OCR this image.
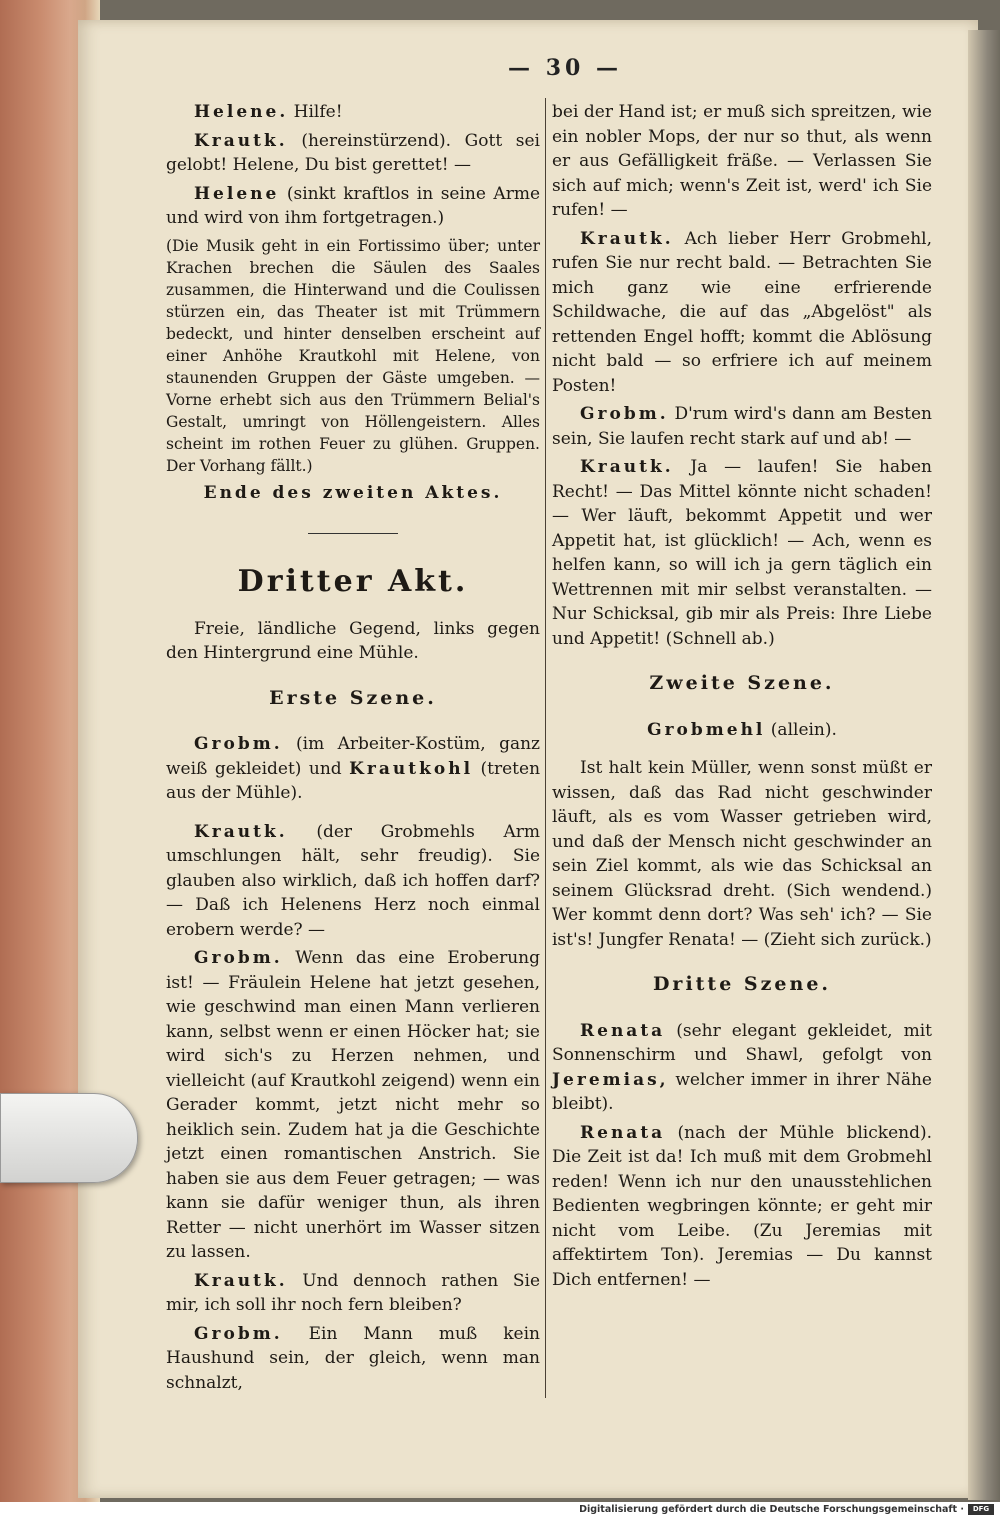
— 30 —

Helene. Hilfe!

Krautk. (hereinstürzend). Gott sei gelobt! Helene, Du bist gerettet! —

Helene (sinkt kraftlos in seine Arme und wird von ihm fortgetragen.)

(Die Musik geht in ein Fortissimo über; unter Krachen brechen die Säulen des Saales zusammen, die Hinterwand und die Coulissen stürzen ein, das Theater ist mit Trümmern bedeckt, und hinter denselben erscheint auf einer Anhöhe Krautkohl mit Helene, von staunenden Gruppen der Gäste umgeben. — Vorne erhebt sich aus den Trümmern Belial's Gestalt, umringt von Höllengeistern. Alles scheint im rothen Feuer zu glühen. Gruppen. Der Vorhang fällt.)

Ende des zweiten Aktes.

Dritter Akt.

Freie, ländliche Gegend, links gegen den Hintergrund eine Mühle.

Erste Szene.

Grobm. (im Arbeiter-Kostüm, ganz weiß gekleidet) und Krautkohl (treten aus der Mühle).

Krautk. (der Grobmehls Arm umschlungen hält, sehr freudig). Sie glauben also wirklich, daß ich hoffen darf? — Daß ich Helenens Herz noch einmal erobern werde? —

Grobm. Wenn das eine Eroberung ist! — Fräulein Helene hat jetzt gesehen, wie geschwind man einen Mann verlieren kann, selbst wenn er einen Höcker hat; sie wird sich's zu Herzen nehmen, und vielleicht (auf Krautkohl zeigend) wenn ein Gerader kommt, jetzt nicht mehr so heiklich sein. Zudem hat ja die Geschichte jetzt einen romantischen Anstrich. Sie haben sie aus dem Feuer getragen; — was kann sie dafür weniger thun, als ihren Retter — nicht unerhört im Wasser sitzen zu lassen.

Krautk. Und dennoch rathen Sie mir, ich soll ihr noch fern bleiben?

Grobm. Ein Mann muß kein Haushund sein, der gleich, wenn man schnalzt,

bei der Hand ist; er muß sich spreitzen, wie ein nobler Mops, der nur so thut, als wenn er aus Gefälligkeit fräße. — Verlassen Sie sich auf mich; wenn's Zeit ist, werd' ich Sie rufen! —

Krautk. Ach lieber Herr Grobmehl, rufen Sie nur recht bald. — Betrachten Sie mich ganz wie eine erfrierende Schildwache, die auf das „Abgelöst" als rettenden Engel hofft; kommt die Ablösung nicht bald — so erfriere ich auf meinem Posten!

Grobm. D'rum wird's dann am Besten sein, Sie laufen recht stark auf und ab! —

Krautk. Ja — laufen! Sie haben Recht! — Das Mittel könnte nicht schaden! — Wer läuft, bekommt Appetit und wer Appetit hat, ist glücklich! — Ach, wenn es helfen kann, so will ich ja gern täglich ein Wettrennen mit mir selbst veranstalten. — Nur Schicksal, gib mir als Preis: Ihre Liebe und Appetit! (Schnell ab.)

Zweite Szene.

Grobmehl (allein).

Ist halt kein Müller, wenn sonst müßt er wissen, daß das Rad nicht geschwinder läuft, als es vom Wasser getrieben wird, und daß der Mensch nicht geschwinder an sein Ziel kommt, als wie das Schicksal an seinem Glücksrad dreht. (Sich wendend.) Wer kommt denn dort? Was seh' ich? — Sie ist's! Jungfer Renata! — (Zieht sich zurück.)

Dritte Szene.

Renata (sehr elegant gekleidet, mit Sonnenschirm und Shawl, gefolgt von Jeremias, welcher immer in ihrer Nähe bleibt).

Renata (nach der Mühle blickend). Die Zeit ist da! Ich muß mit dem Grobmehl reden! Wenn ich nur den unausstehlichen Bedienten wegbringen könnte; er geht mir nicht vom Leibe. (Zu Jeremias mit affektirtem Ton). Jeremias — Du kannst Dich entfernen! —

Digitalisierung gefördert durch die Deutsche Forschungsgemeinschaft ·	DFG
